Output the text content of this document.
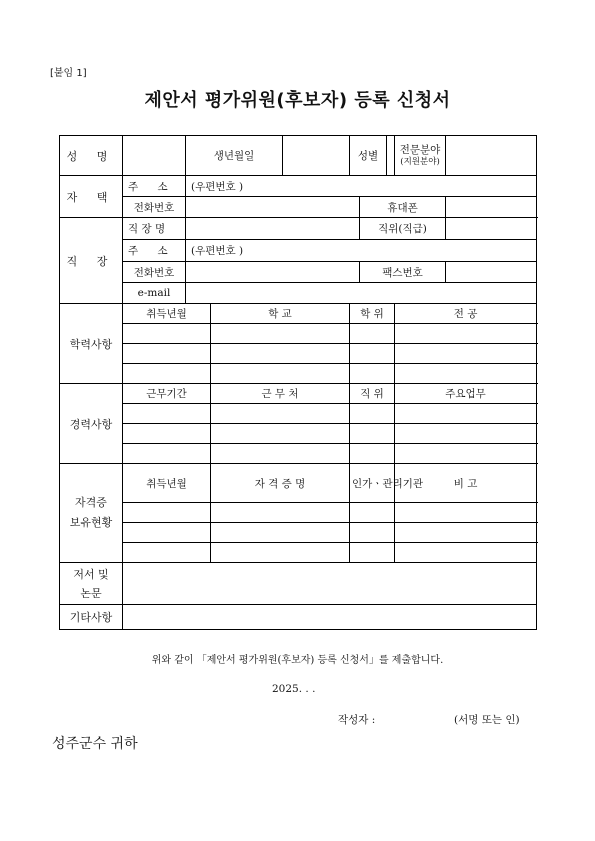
[붙임 1]
제안서 평가위원(후보자) 등록 신청서
성 명		생년월일			성별			전문분야
(지원분야)	

자 택	주 소	(우편번호 )							
	전화번호					휴대폰			
직 장	직 장 명					직위(직급)			
	주 소	(우편번호 )							
	전화번호					팩스번호			
	e-mail								
학력사항	취득년월		학 교		학 위			전 공	

경력사항	근무기간		근 무 처		직 위			주요업무	

자격증
보유현황	취득년월		자 격 증 명		인가ㆍ관리기관			비 고	

저서 및
논문									

기타사항									
위와 같이 「제안서 평가위원(후보자) 등록 신청서」를 제출합니다.
2025. . .
작성자 :	(서명 또는 인)
성주군수 귀하
